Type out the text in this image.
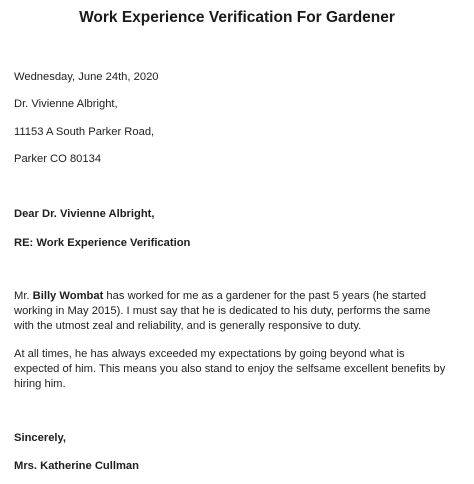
Work Experience Verification For Gardener

Wednesday, June 24th, 2020

Dr. Vivienne Albright,

11153 A South Parker Road,

Parker CO 80134

Dear Dr. Vivienne Albright,

RE: Work Experience Verification

Mr. Billy Wombat has worked for me as a gardener for the past 5 years (he started
working in May 2015). I must say that he is dedicated to his duty, performs the same
with the utmost zeal and reliability, and is generally responsive to duty.
At all times, he has always exceeded my expectations by going beyond what is
expected of him. This means you also stand to enjoy the selfsame excellent benefits by
hiring him.

Sincerely,

Mrs. Katherine Cullman
